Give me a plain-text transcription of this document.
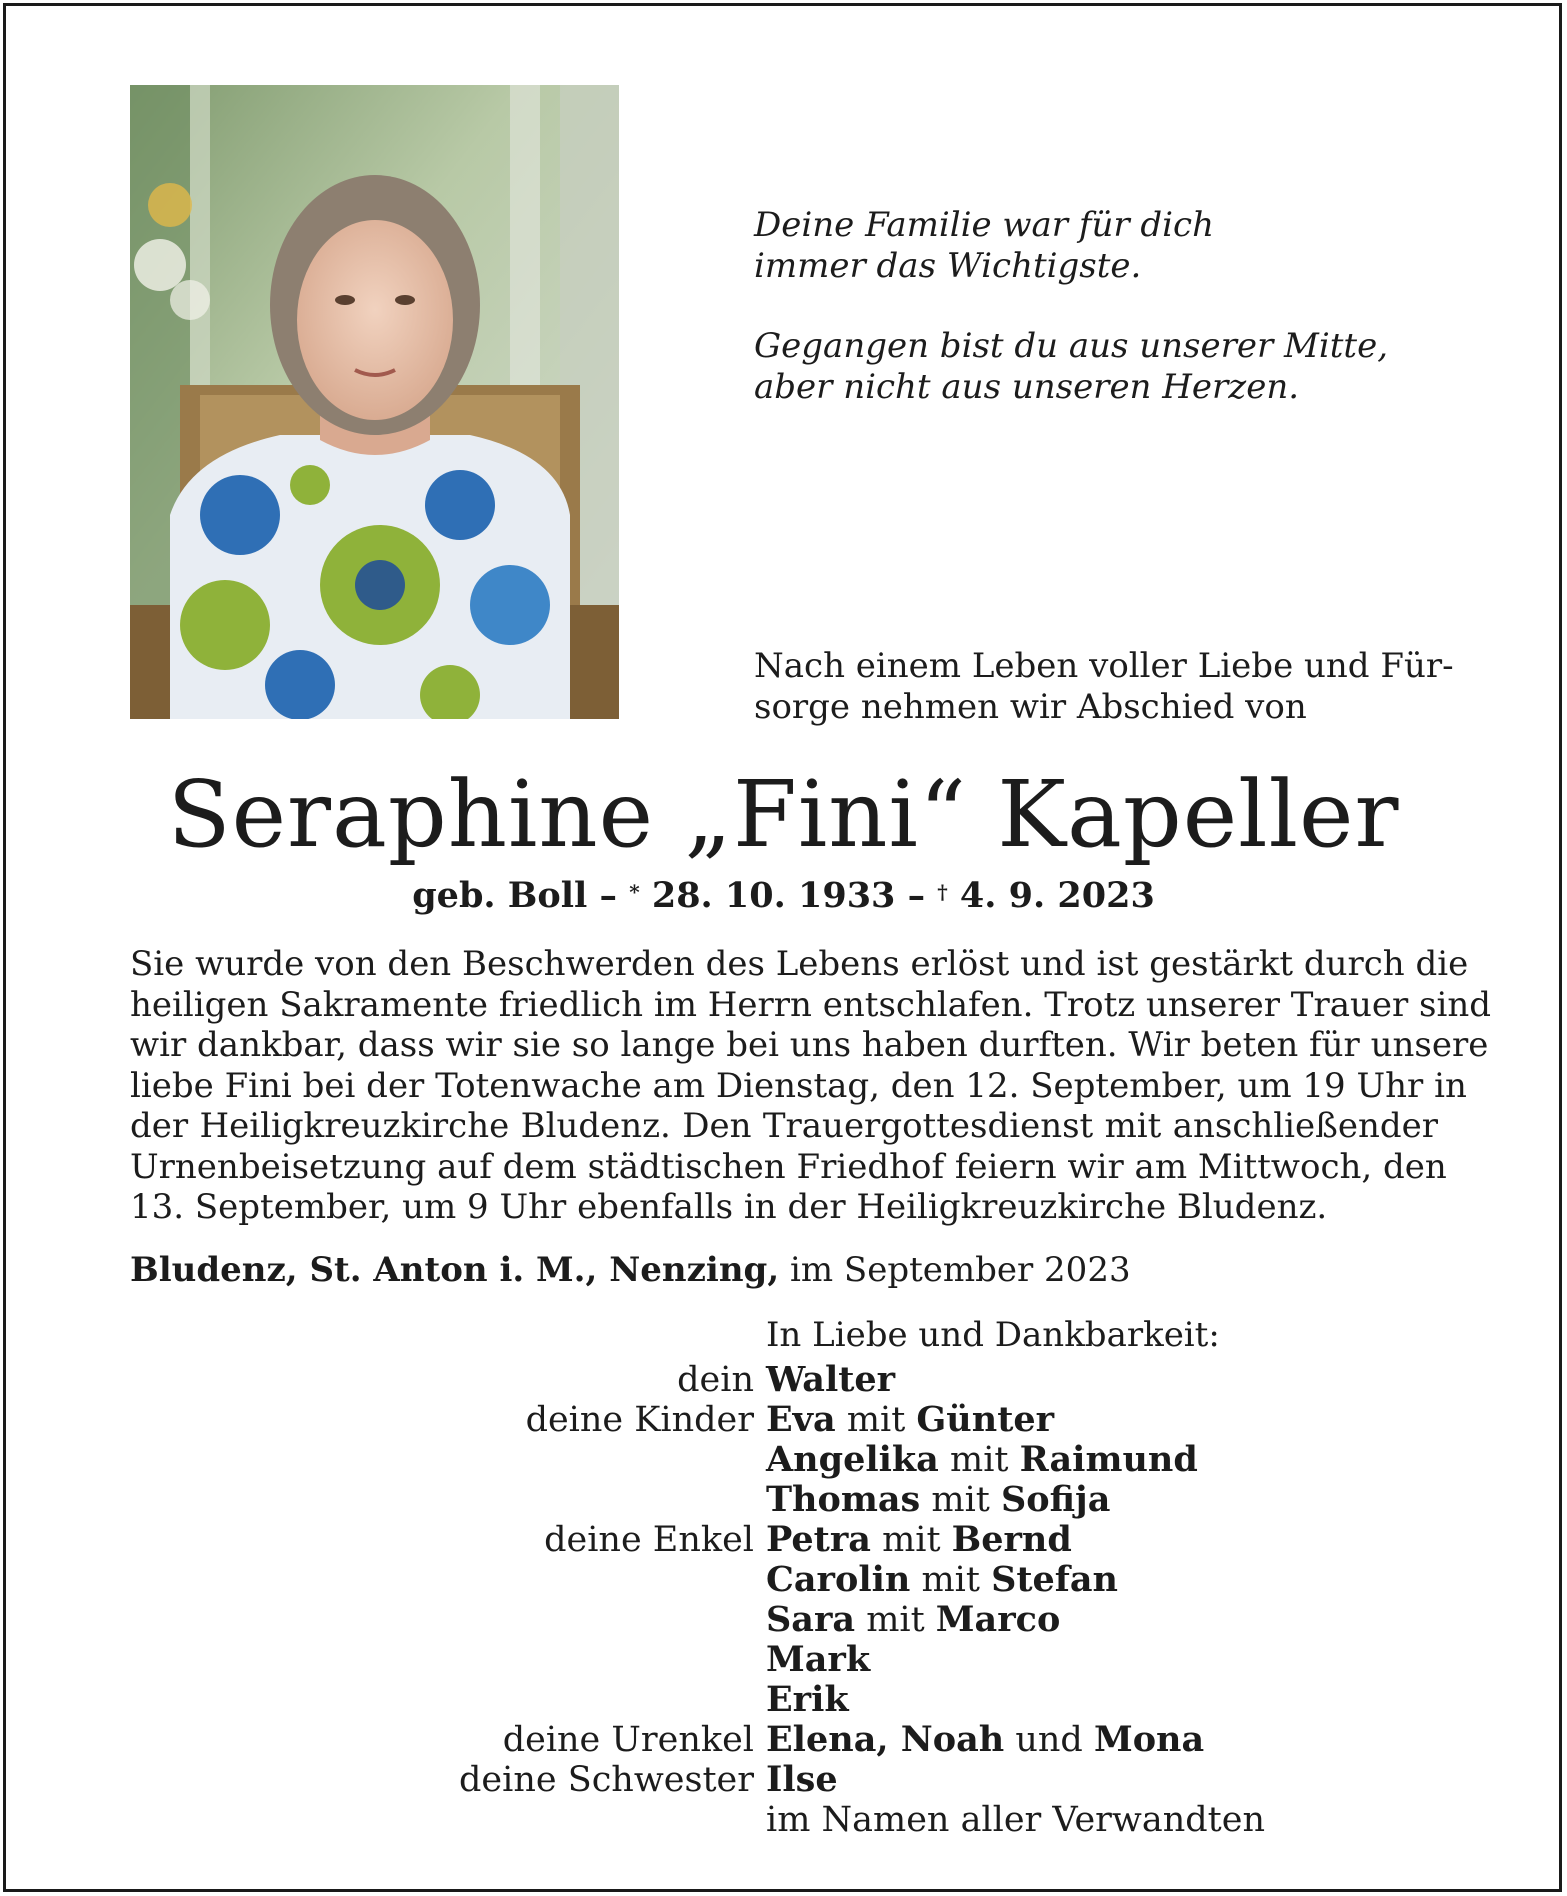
Deine Familie war für dich
immer das Wichtigste.
Gegangen bist du aus unserer Mitte,
aber nicht aus unseren Herzen.
Nach einem Leben voller Liebe und Für-
sorge nehmen wir Abschied von
Seraphine „Fini“ Kapeller
geb. Boll – * 28. 10. 1933 – † 4. 9. 2023
Sie wurde von den Beschwerden des Lebens erlöst und ist gestärkt durch die
heiligen Sakramente friedlich im Herrn entschlafen. Trotz unserer Trauer sind
wir dankbar, dass wir sie so lange bei uns haben durften. Wir beten für unsere
liebe Fini bei der Totenwache am Dienstag, den 12. September, um 19 Uhr in
der Heiligkreuzkirche Bludenz. Den Trauergottesdienst mit anschließender
Urnenbeisetzung auf dem städtischen Friedhof feiern wir am Mittwoch, den
13. September, um 9 Uhr ebenfalls in der Heiligkreuzkirche Bludenz.
Bludenz, St. Anton i. M., Nenzing, im September 2023
In Liebe und Dankbarkeit:
dein Walter
deine Kinder Eva mit Günter
Angelika mit Raimund
Thomas mit Sofija
deine Enkel Petra mit Bernd
Carolin mit Stefan
Sara mit Marco
Mark
Erik
deine Urenkel Elena, Noah und Mona
deine Schwester Ilse
im Namen aller Verwandten
